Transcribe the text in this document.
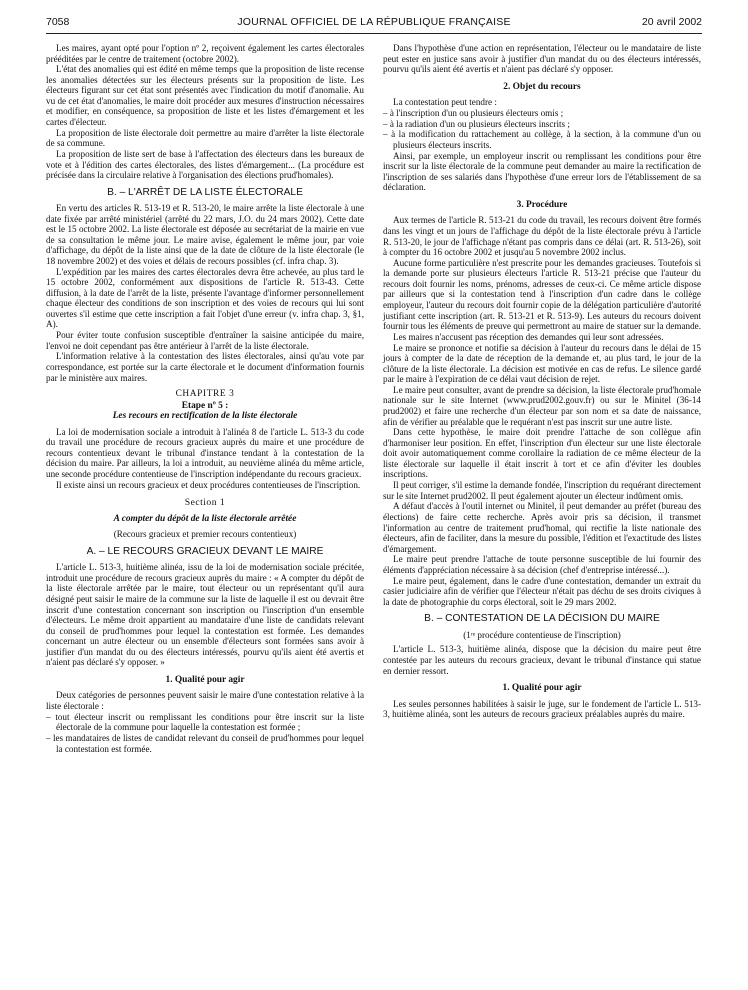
7058	JOURNAL OFFICIEL DE LA RÉPUBLIQUE FRANÇAISE	20 avril 2002

Les maires, ayant opté pour l'option nº 2, reçoivent également les cartes électorales prééditées par le centre de traitement (octobre 2002).

L'état des anomalies qui est édité en même temps que la proposition de liste recense les anomalies détectées sur les électeurs présents sur la proposition de liste. Les électeurs figurant sur cet état sont présentés avec l'indication du motif d'anomalie. Au vu de cet état d'anomalies, le maire doit procéder aux mesures d'instruction nécessaires et modifier, en conséquence, sa proposition de liste et les listes d'émargement et les cartes d'électeur.

La proposition de liste électorale doit permettre au maire d'arrêter la liste électorale de sa commune.

La proposition de liste sert de base à l'affectation des électeurs dans les bureaux de vote et à l'édition des cartes électorales, des listes d'émargement... (La procédure est précisée dans la circulaire relative à l'organisation des élections prud'homales).

B. – L'ARRÊT DE LA LISTE ÉLECTORALE

En vertu des articles R. 513-19 et R. 513-20, le maire arrête la liste électorale à une date fixée par arrêté ministériel (arrêté du 22 mars, J.O. du 24 mars 2002). Cette date est le 15 octobre 2002. La liste électorale est déposée au secrétariat de la mairie en vue de sa consultation le même jour. Le maire avise, également le même jour, par voie d'affichage, du dépôt de la liste ainsi que de la date de clôture de la liste électorale (le 18 novembre 2002) et des voies et délais de recours possibles (cf. infra chap. 3).

L'expédition par les maires des cartes électorales devra être achevée, au plus tard le 15 octobre 2002, conformément aux dispositions de l'article R. 513-43. Cette diffusion, à la date de l'arrêt de la liste, présente l'avantage d'informer personnellement chaque électeur des conditions de son inscription et des voies de recours qui lui sont ouvertes s'il estime que cette inscription a fait l'objet d'une erreur (v. infra chap. 3, §1, A).

Pour éviter toute confusion susceptible d'entraîner la saisine anticipée du maire, l'envoi ne doit cependant pas être antérieur à l'arrêt de la liste électorale.

L'information relative à la contestation des listes électorales, ainsi qu'au vote par correspondance, est portée sur la carte électorale et le document d'information fournis par le ministère aux maires.

CHAPITRE 3
Etape nº 5 :
Les recours en rectification de la liste électorale

La loi de modernisation sociale a introduit à l'alinéa 8 de l'article L. 513-3 du code du travail une procédure de recours gracieux auprès du maire et une procédure de recours contentieux devant le tribunal d'instance tendant à la contestation de la décision du maire. Par ailleurs, la loi a introduit, au neuvième alinéa du même article, une seconde procédure contentieuse de l'inscription indépendante du recours gracieux.

Il existe ainsi un recours gracieux et deux procédures contentieuses de l'inscription.

Section 1
A compter du dépôt de la liste électorale arrêtée
(Recours gracieux et premier recours contentieux)
A. – LE RECOURS GRACIEUX DEVANT LE MAIRE

L'article L. 513-3, huitième alinéa, issu de la loi de modernisation sociale précitée, introduit une procédure de recours gracieux auprès du maire : « A compter du dépôt de la liste électorale arrêtée par le maire, tout électeur ou un représentant qu'il aura désigné peut saisir le maire de la commune sur la liste de laquelle il est ou devrait être inscrit d'une contestation concernant son inscription ou l'inscription d'un ensemble d'électeurs. Le même droit appartient au mandataire d'une liste de candidats relevant du conseil de prud'hommes pour lequel la contestation est formée. Les demandes concernant un autre électeur ou un ensemble d'électeurs sont formées sans avoir à justifier d'un mandat du ou des électeurs intéressés, pourvu qu'ils aient été avertis et n'aient pas déclaré s'y opposer. »

1. Qualité pour agir

Deux catégories de personnes peuvent saisir le maire d'une contestation relative à la liste électorale :

– tout électeur inscrit ou remplissant les conditions pour être inscrit sur la liste électorale de la commune pour laquelle la contestation est formée ;

– les mandataires de listes de candidat relevant du conseil de prud'hommes pour lequel la contestation est formée.

Dans l'hypothèse d'une action en représentation, l'électeur ou le mandataire de liste peut ester en justice sans avoir à justifier d'un mandat du ou des électeurs intéressés, pourvu qu'ils aient été avertis et n'aient pas déclaré s'y opposer.

2. Objet du recours

La contestation peut tendre :

– à l'inscription d'un ou plusieurs électeurs omis ;

– à la radiation d'un ou plusieurs électeurs inscrits ;

– à la modification du rattachement au collège, à la section, à la commune d'un ou plusieurs électeurs inscrits.

Ainsi, par exemple, un employeur inscrit ou remplissant les conditions pour être inscrit sur la liste électorale de la commune peut demander au maire la rectification de l'inscription de ses salariés dans l'hypothèse d'une erreur lors de l'établissement de sa déclaration.

3. Procédure

Aux termes de l'article R. 513-21 du code du travail, les recours doivent être formés dans les vingt et un jours de l'affichage du dépôt de la liste électorale prévu à l'article R. 513-20, le jour de l'affichage n'étant pas compris dans ce délai (art. R. 513-26), soit à compter du 16 octobre 2002 et jusqu'au 5 novembre 2002 inclus.

Aucune forme particulière n'est prescrite pour les demandes gracieuses. Toutefois si la demande porte sur plusieurs électeurs l'article R. 513-21 précise que l'auteur du recours doit fournir les noms, prénoms, adresses de ceux-ci. Ce même article dispose par ailleurs que si la contestation tend à l'inscription d'un cadre dans le collège employeur, l'auteur du recours doit fournir copie de la délégation particulière d'autorité justifiant cette inscription (art. R. 513-21 et R. 513-9). Les auteurs du recours doivent fournir tous les éléments de preuve qui permettront au maire de statuer sur la demande.

Les maires n'accusent pas réception des demandes qui leur sont adressées.

Le maire se prononce et notifie sa décision à l'auteur du recours dans le délai de 15 jours à compter de la date de réception de la demande et, au plus tard, le jour de la clôture de la liste électorale. La décision est motivée en cas de refus. Le silence gardé par le maire à l'expiration de ce délai vaut décision de rejet.

Le maire peut consulter, avant de prendre sa décision, la liste électorale prud'homale nationale sur le site Internet (www.prud2002.gouv.fr) ou sur le Minitel (36-14 prud2002) et faire une recherche d'un électeur par son nom et sa date de naissance, afin de vérifier au préalable que le requérant n'est pas inscrit sur une autre liste.

Dans cette hypothèse, le maire doit prendre l'attache de son collègue afin d'harmoniser leur position. En effet, l'inscription d'un électeur sur une liste électorale doit avoir automatiquement comme corollaire la radiation de ce même électeur de la liste électorale sur laquelle il était inscrit à tort et ce afin d'éviter les doubles inscriptions.

Il peut corriger, s'il estime la demande fondée, l'inscription du requérant directement sur le site Internet prud2002. Il peut également ajouter un électeur indûment omis.

A défaut d'accès à l'outil internet ou Minitel, il peut demander au préfet (bureau des élections) de faire cette recherche. Après avoir pris sa décision, il transmet l'information au centre de traitement prud'homal, qui rectifie la liste nationale des électeurs, afin de faciliter, dans la mesure du possible, l'édition et l'exactitude des listes d'émargement.

Le maire peut prendre l'attache de toute personne susceptible de lui fournir des éléments d'appréciation nécessaire à sa décision (chef d'entreprise intéressé...).

Le maire peut, également, dans le cadre d'une contestation, demander un extrait du casier judiciaire afin de vérifier que l'électeur n'était pas déchu de ses droits civiques à la date de photographie du corps électoral, soit le 29 mars 2002.

B. – CONTESTATION DE LA DÉCISION DU MAIRE
(1ʳᵉ procédure contentieuse de l'inscription)

L'article L. 513-3, huitième alinéa, dispose que la décision du maire peut être contestée par les auteurs du recours gracieux, devant le tribunal d'instance qui statue en dernier ressort.

1. Qualité pour agir

Les seules personnes habilitées à saisir le juge, sur le fondement de l'article L. 513-3, huitième alinéa, sont les auteurs de recours gracieux préalables auprès du maire.
